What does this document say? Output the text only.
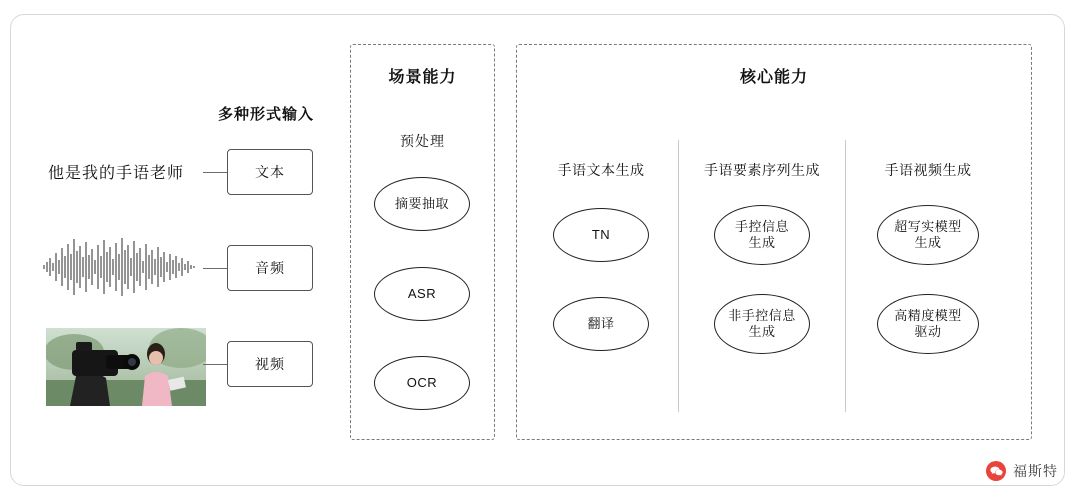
多种形式输入
他是我的手语老师	文本
音频
视频
场景能力
预处理
摘要抽取
ASR
OCR
核心能力
手语文本生成	手语要素序列生成	手语视频生成
TN
翻译
手控信息
生成
非手控信息
生成
超写实模型
生成
高精度模型
驱动
福斯特
